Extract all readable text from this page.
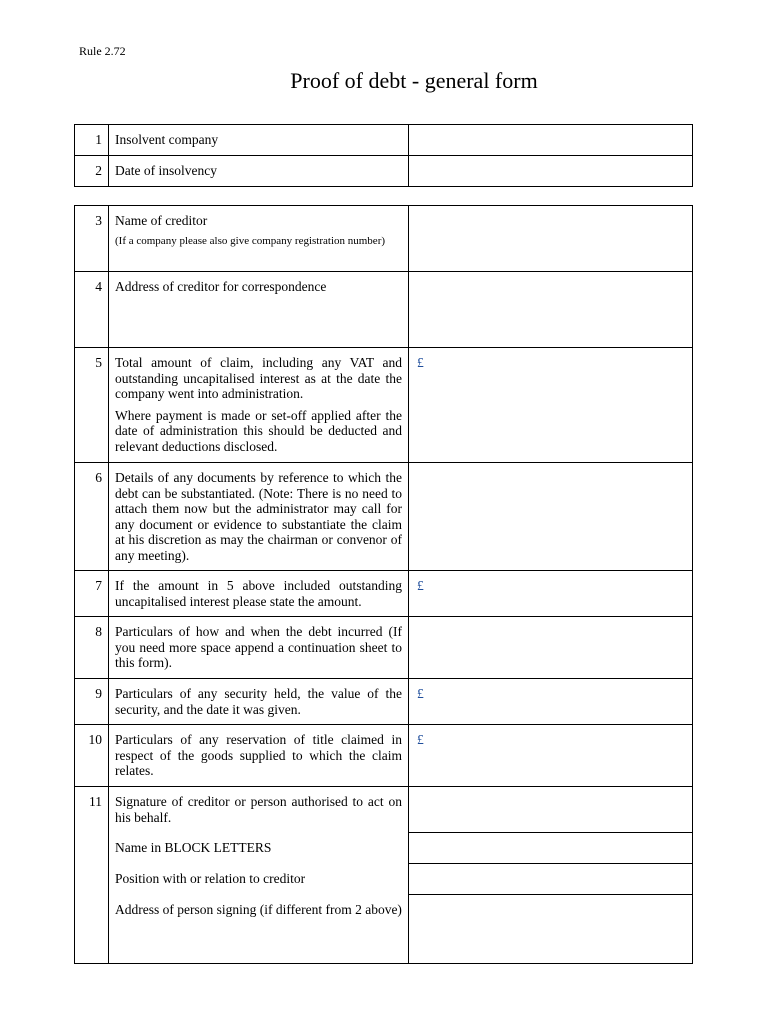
Rule 2.72
Proof of debt - general form
1	Insolvent company	
2	Date of insolvency	
3	Name of creditor
(If a company please also give company registration number)	

4	Address of creditor for correspondence	
5	Total amount of claim, including any VAT and outstanding uncapitalised interest as at the date the company went into administration.
Where payment is made or set-off applied after the date of administration this should be deducted and relevant deductions disclosed.	£
6	Details of any documents by reference to which the debt can be substantiated. (Note: There is no need to attach them now but the administrator may call for any document or evidence to substantiate the claim at his discretion as may the chairman or convenor of any meeting).	
7	If the amount in 5 above included outstanding uncapitalised interest please state the amount.	£
8	Particulars of how and when the debt incurred (If you need more space append a continuation sheet to this form).	
9	Particulars of any security held, the value of the security, and the date it was given.	£
10	Particulars of any reservation of title claimed in respect of the goods supplied to which the claim relates.	£
11	Signature of creditor or person authorised to act on his behalf.
Name in BLOCK LETTERS
Position with or relation to creditor
Address of person signing (if different from 2 above)	
